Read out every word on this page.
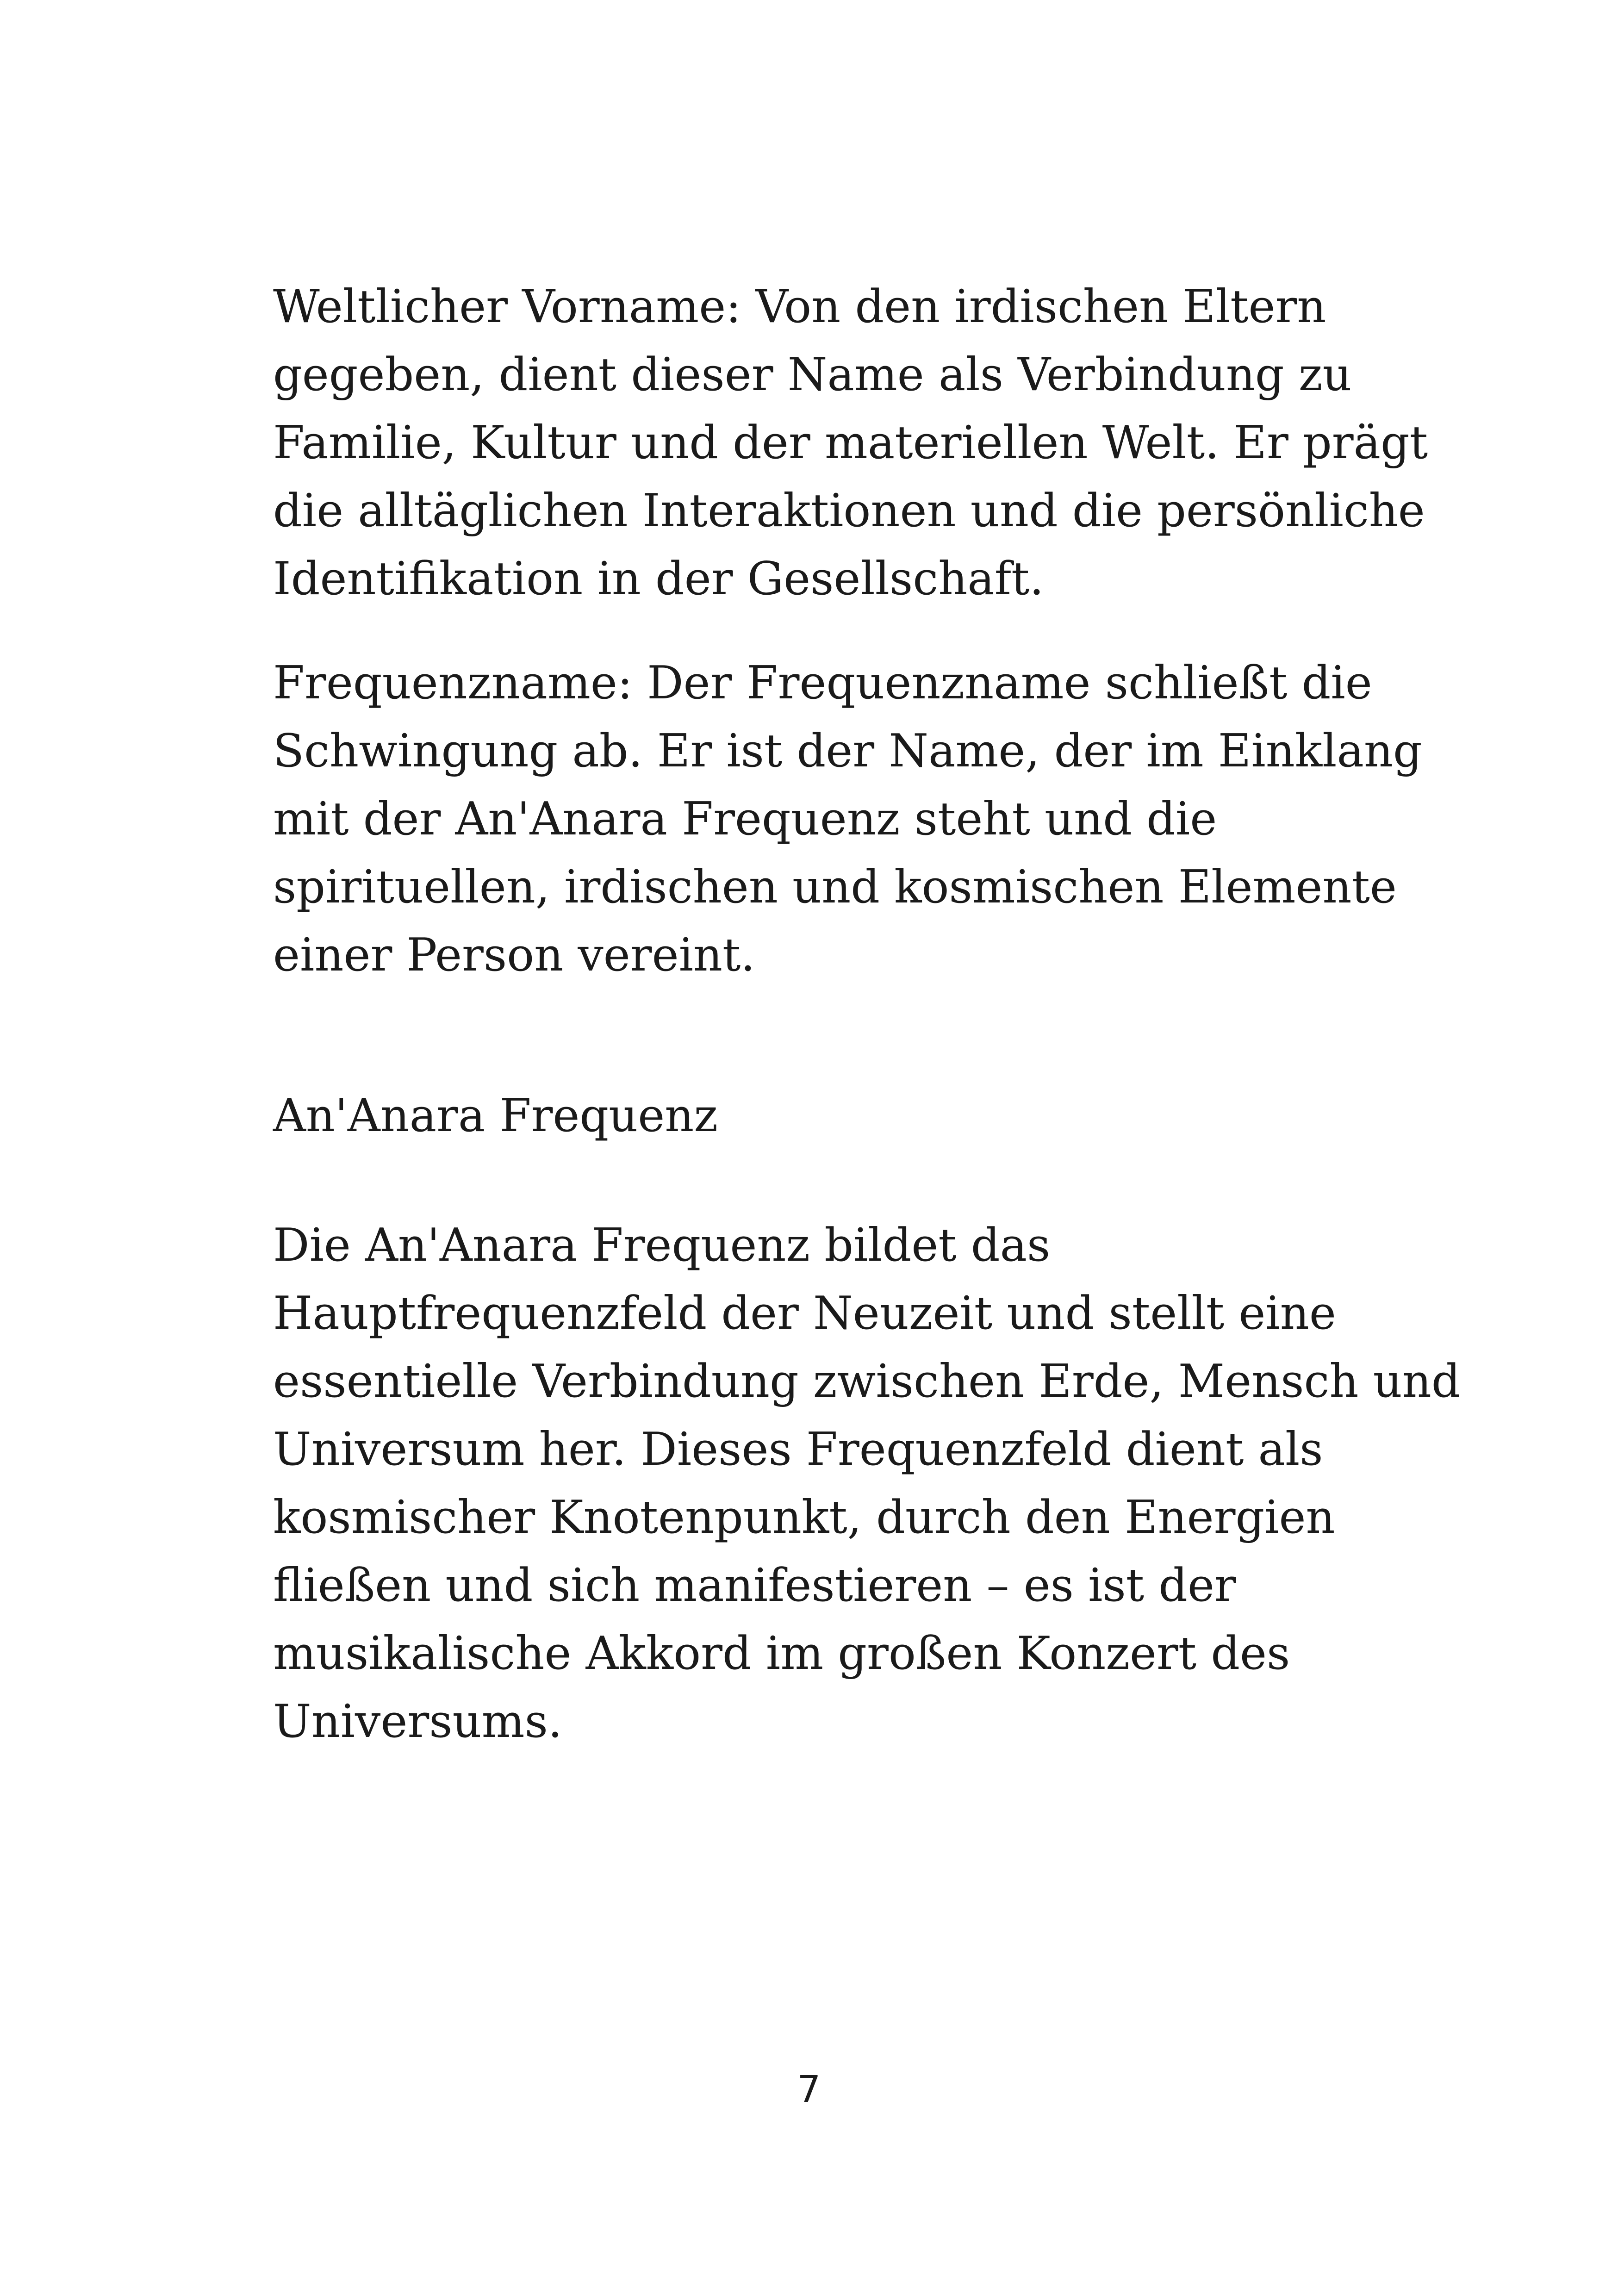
Weltlicher Vorname: Von den irdischen Eltern
gegeben, dient dieser Name als Verbindung zu
Familie, Kultur und der materiellen Welt. Er prägt
die alltäglichen Interaktionen und die persönliche
Identifikation in der Gesellschaft.

Frequenzname: Der Frequenzname schließt die
Schwingung ab. Er ist der Name, der im Einklang
mit der An'Anara Frequenz steht und die
spirituellen, irdischen und kosmischen Elemente
einer Person vereint.

An'Anara Frequenz

Die An'Anara Frequenz bildet das
Hauptfrequenzfeld der Neuzeit und stellt eine
essentielle Verbindung zwischen Erde, Mensch und
Universum her. Dieses Frequenzfeld dient als
kosmischer Knotenpunkt, durch den Energien
fließen und sich manifestieren – es ist der
musikalische Akkord im großen Konzert des
Universums.

7
